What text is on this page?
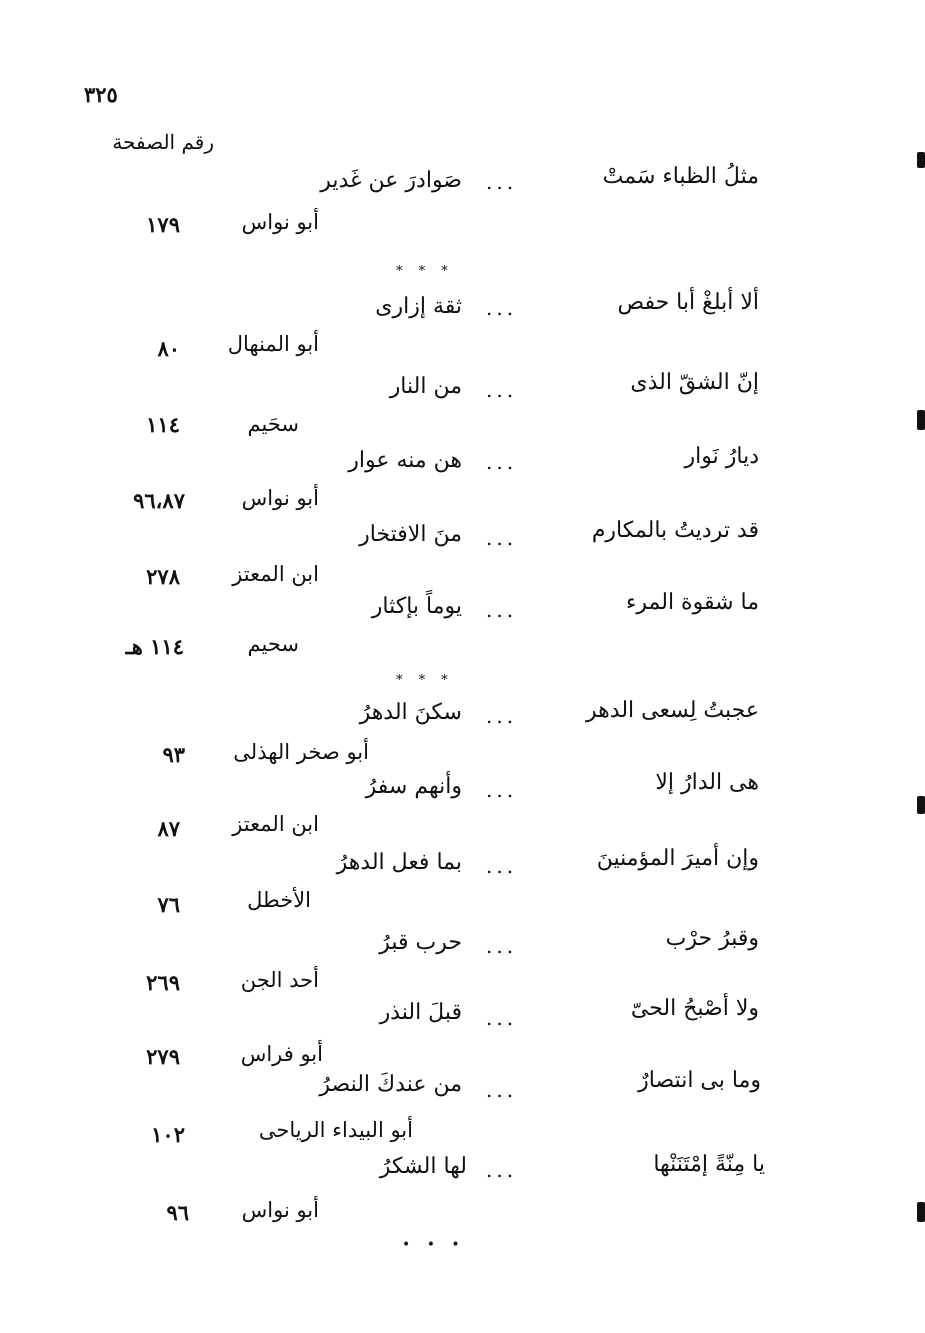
٣٢٥
رقم الصفحة
مثلُ الظباء سَمتْ
...
صَوادرَ عن غَدير
أبو نواس
١٧٩
* * *
ألا أبلغْ أبا حفص
...
ثقة إزارى
أبو المنهال
٨٠
إنّ الشقّ الذى
...
من النار
سحَيم
١١٤
ديارُ نَوار
...
هن منه عوار
أبو نواس
٩٦،٨٧
قد ترديتُ بالمكارم
...
منَ الافتخار
ابن المعتز
٢٧٨
ما شقوة المرء
...
يوماً بإكثار
سحيم
١١٤ هـ
* * *
عجبتُ لِسعى الدهر
...
سكنَ الدهرُ
أبو صخر الهذلى
٩٣
هى الدارُ إلا
...
وأنهم سفرُ
ابن المعتز
٨٧
وإن أميرَ المؤمنينَ
...
بما فعل الدهرُ
الأخطل
٧٦
وقبرُ حرْب
...
حرب قبرُ
أحد الجن
٢٦٩
ولا أصْبحُ الحىّ
...
قبلَ النذر
أبو فراس
٢٧٩
وما بى انتصارٌ
...
من عندكَ النصرُ
أبو البيداء الرياحى
١٠٢
يا مِنّةً إمْتَنَنْها
...
لها الشكرُ
أبو نواس
٩٦
• • •
